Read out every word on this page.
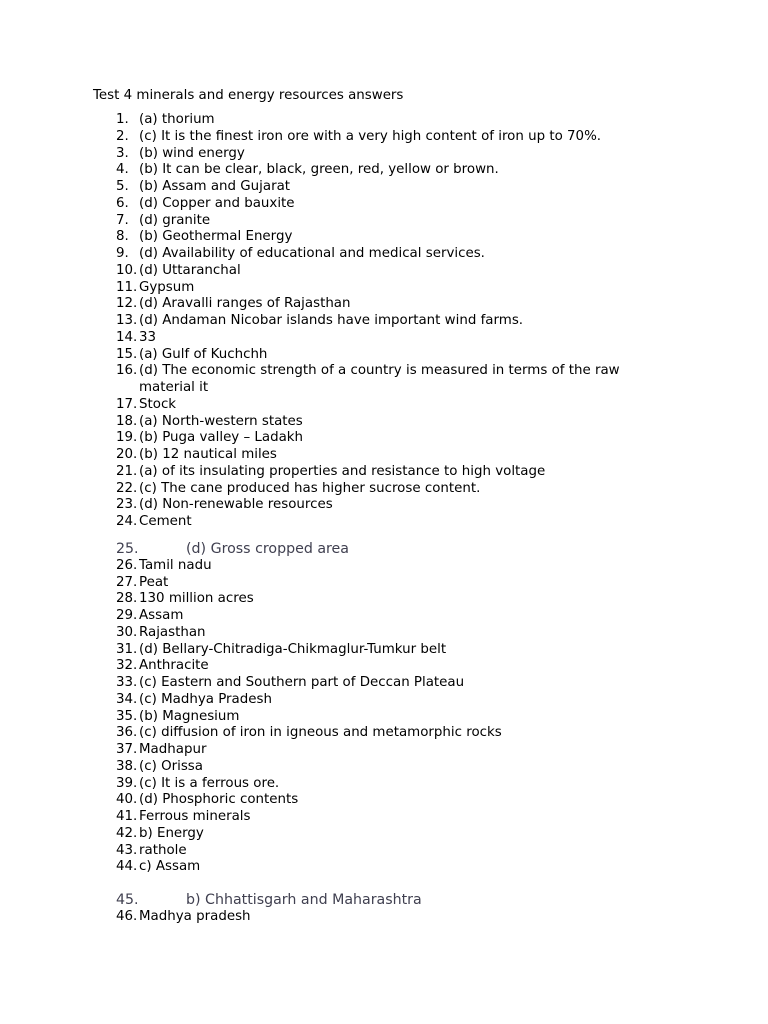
Test 4 minerals and energy resources answers
1. (a) thorium
2. (c) It is the finest iron ore with a very high content of iron up to 70%.
3. (b) wind energy
4. (b) It can be clear, black, green, red, yellow or brown.
5. (b) Assam and Gujarat
6. (d) Copper and bauxite
7. (d) granite
8. (b) Geothermal Energy
9. (d) Availability of educational and medical services.
10. (d) Uttaranchal
11. Gypsum
12. (d) Aravalli ranges of Rajasthan
13. (d) Andaman Nicobar islands have important wind farms.
14. 33
15. (a) Gulf of Kuchchh
16. (d) The economic strength of a country is measured in terms of the raw material it
17. Stock
18. (a) North-western states
19. (b) Puga valley – Ladakh
20. (b) 12 nautical miles
21. (a) of its insulating properties and resistance to high voltage
22. (c) The cane produced has higher sucrose content.
23. (d) Non-renewable resources
24. Cement
25.	(d) Gross cropped area
26. Tamil nadu
27. Peat
28. 130 million acres
29. Assam
30. Rajasthan
31. (d) Bellary-Chitradiga-Chikmaglur-Tumkur belt
32. Anthracite
33. (c) Eastern and Southern part of Deccan Plateau
34. (c) Madhya Pradesh
35. (b) Magnesium
36. (c) diffusion of iron in igneous and metamorphic rocks
37. Madhapur
38. (c) Orissa
39. (c) It is a ferrous ore.
40. (d) Phosphoric contents
41. Ferrous minerals
42. b) Energy
43. rathole
44. c) Assam
45.	b) Chhattisgarh and Maharashtra
46. Madhya pradesh
